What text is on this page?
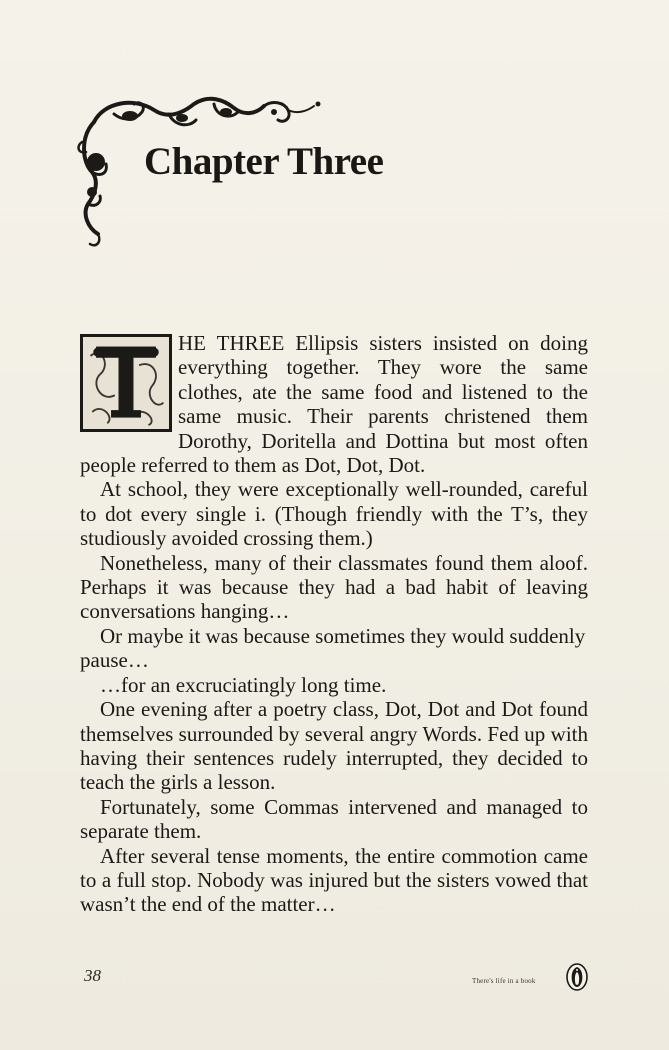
Chapter Three

HE THREE Ellipsis sisters insisted on doing everything together. They wore the same clothes, ate the same food and listened to the same music. Their parents christened them Dorothy, Doritella and Dottina but most often people referred to them as Dot, Dot, Dot.

At school, they were exceptionally well-rounded, careful to dot every single i. (Though friendly with the T’s, they studiously avoided crossing them.)

Nonetheless, many of their classmates found them aloof. Perhaps it was because they had a bad habit of leaving conversations hanging…

Or maybe it was because sometimes they would suddenly pause…

…for an excruciatingly long time.

One evening after a poetry class, Dot, Dot and Dot found themselves surrounded by several angry Words. Fed up with having their sentences rudely interrupted, they decided to teach the girls a lesson.

Fortunately, some Commas intervened and managed to separate them.

After several tense moments, the entire commotion came to a full stop. Nobody was injured but the sisters vowed that wasn’t the end of the matter…

38	There's life in a book
